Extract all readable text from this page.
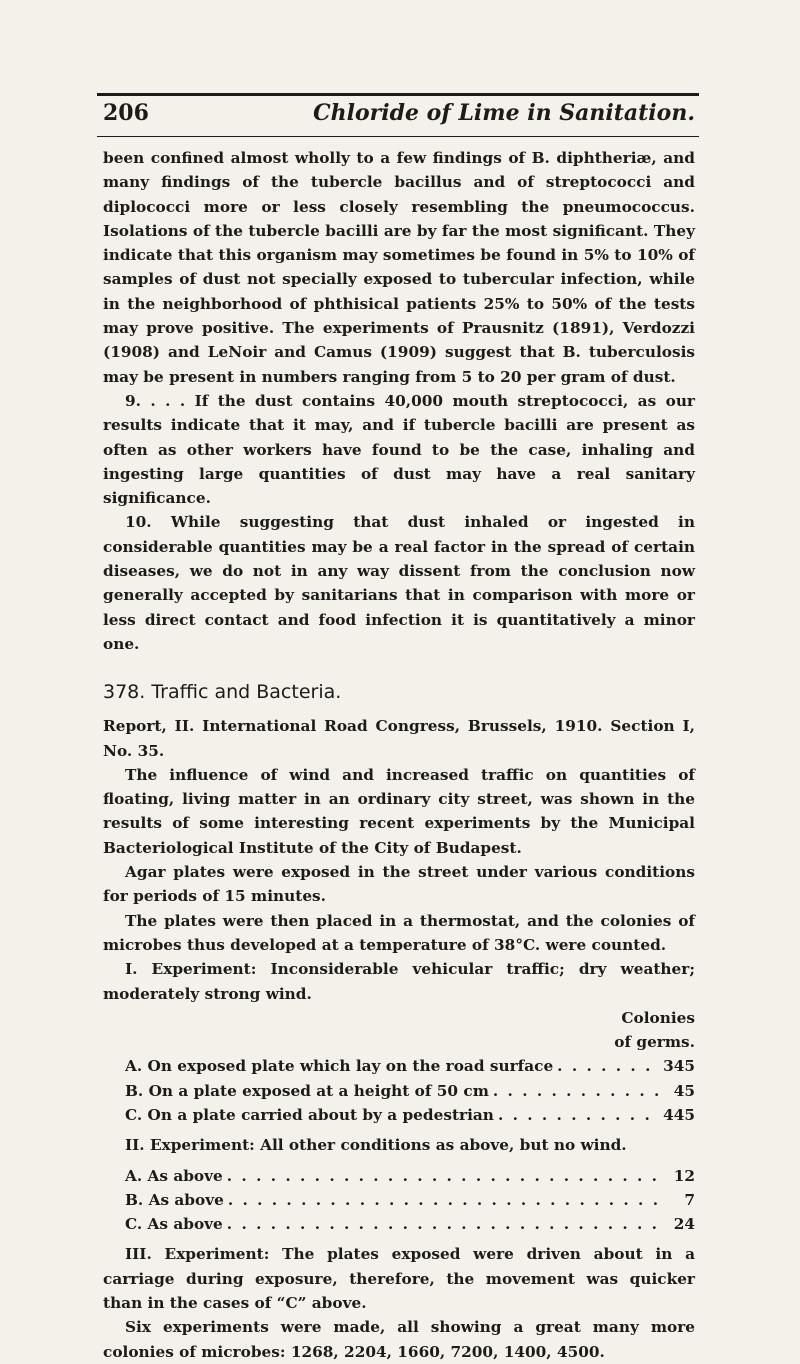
206	Chloride of Lime in Sanitation.

been confined almost wholly to a few findings of B. diphtheriæ, and many findings of the tubercle bacillus and of streptococci and diplococci more or less closely resembling the pneumococcus. Isolations of the tubercle bacilli are by far the most significant. They indicate that this organism may sometimes be found in 5% to 10% of samples of dust not specially exposed to tubercular infection, while in the neighborhood of phthisical patients 25% to 50% of the tests may prove positive. The experiments of Prausnitz (1891), Verdozzi (1908) and LeNoir and Camus (1909) suggest that B. tuberculosis may be present in numbers ranging from 5 to 20 per gram of dust.

9. . . . If the dust contains 40,000 mouth streptococci, as our results indicate that it may, and if tubercle bacilli are present as often as other workers have found to be the case, inhaling and ingesting large quantities of dust may have a real sanitary significance.

10. While suggesting that dust inhaled or ingested in considerable quantities may be a real factor in the spread of certain diseases, we do not in any way dissent from the conclusion now generally accepted by sanitarians that in comparison with more or less direct contact and food infection it is quantitatively a minor one.

378. Traffic and Bacteria.

Report, II. International Road Congress, Brussels, 1910. Section I, No. 35.

The influence of wind and increased traffic on quantities of floating, living matter in an ordinary city street, was shown in the results of some interesting recent experiments by the Municipal Bacteriological Institute of the City of Budapest.

Agar plates were exposed in the street under various conditions for periods of 15 minutes.

The plates were then placed in a thermostat, and the colonies of microbes thus developed at a temperature of 38°C. were counted.

I. Experiment: Inconsiderable vehicular traffic; dry weather; moderately strong wind.

Colonies
of germs.

A. On exposed plate which lay on the road surface . . .	345
B. On a plate exposed at a height of 50 cm . . .	45
C. On a plate carried about by a pedestrian . . .	445

II. Experiment: All other conditions as above, but no wind.

A. As above . . .	12
B. As above . . .	7
C. As above . . .	24

III. Experiment: The plates exposed were driven about in a carriage during exposure, therefore, the movement was quicker than in the cases of “C” above.

Six experiments were made, all showing a great many more colonies of microbes: 1268, 2204, 1660, 7200, 1400, 4500.
